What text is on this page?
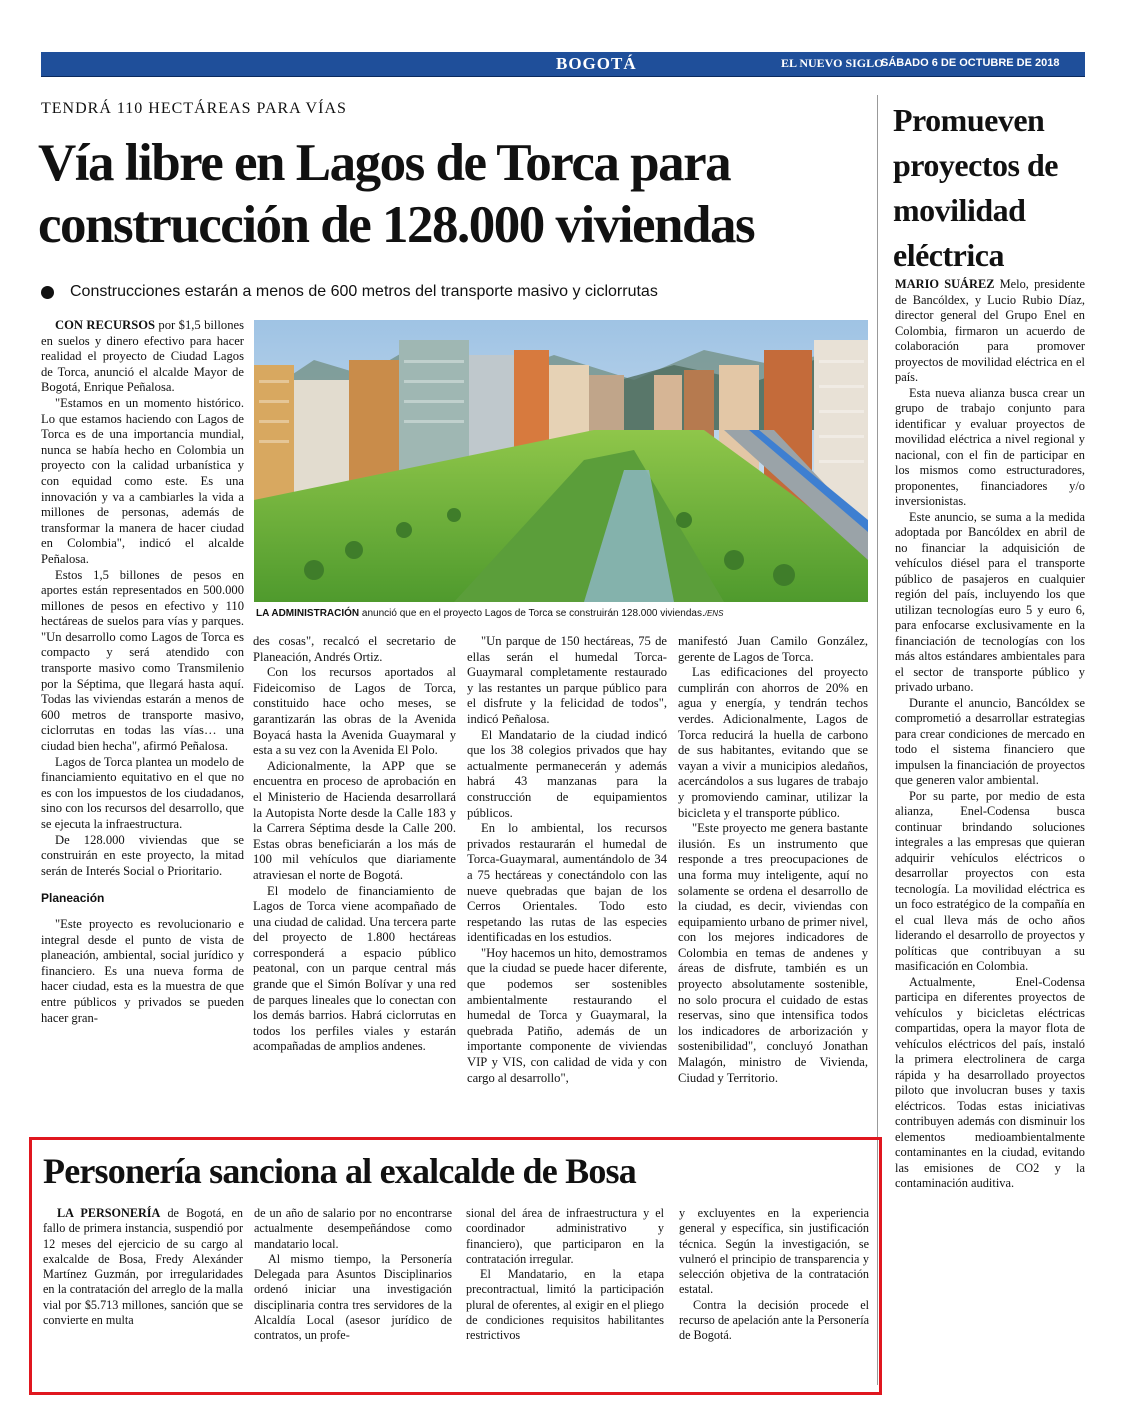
BOGOTÁ	EL NUEVO SIGLO
SÁBADO 6 DE OCTUBRE DE 2018 17A
TENDRÁ 110 HECTÁREAS PARA VÍAS
Vía libre en Lagos de Torca para construcción de 128.000 viviendas
Construcciones estarán a menos de 600 metros del transporte masivo y ciclorrutas
LA ADMINISTRACIÓN anunció que en el proyecto Lagos de Torca se construirán 128.000 viviendas./ENS

CON RECURSOS por $1,5 billones en suelos y dinero efectivo para hacer realidad el proyecto de Ciudad Lagos de Torca, anunció el alcalde Mayor de Bogotá, Enrique Peñalosa.

"Estamos en un momento histórico. Lo que estamos haciendo con Lagos de Torca es de una importancia mundial, nunca se había hecho en Colombia un proyecto con la calidad urbanística y con equidad como este. Es una innovación y va a cambiarles la vida a millones de personas, además de transformar la manera de hacer ciudad en Colombia", indicó el alcalde Peñalosa.

Estos 1,5 billones de pesos en aportes están representados en 500.000 millones de pesos en efectivo y 110 hectáreas de suelos para vías y parques. "Un desarrollo como Lagos de Torca es compacto y será atendido con transporte masivo como Transmilenio por la Séptima, que llegará hasta aquí. Todas las viviendas estarán a menos de 600 metros de transporte masivo, ciclorrutas en todas las vías… una ciudad bien hecha", afirmó Peñalosa.

Lagos de Torca plantea un modelo de financiamiento equitativo en el que no es con los impuestos de los ciudadanos, sino con los recursos del desarrollo, que se ejecuta la infraestructura.

De 128.000 viviendas que se construirán en este proyecto, la mitad serán de Interés Social o Prioritario.

Planeación

"Este proyecto es revolucionario e integral desde el punto de vista de planeación, ambiental, social jurídico y financiero. Es una nueva forma de hacer ciudad, esta es la muestra de que entre públicos y privados se pueden hacer gran-

des cosas", recalcó el secretario de Planeación, Andrés Ortiz.

Con los recursos aportados al Fideicomiso de Lagos de Torca, constituido hace ocho meses, se garantizarán las obras de la Avenida Boyacá hasta la Avenida Guaymaral y esta a su vez con la Avenida El Polo.

Adicionalmente, la APP que se encuentra en proceso de aprobación en el Ministerio de Hacienda desarrollará la Autopista Norte desde la Calle 183 y la Carrera Séptima desde la Calle 200. Estas obras beneficiarán a los más de 100 mil vehículos que diariamente atraviesan el norte de Bogotá.

El modelo de financiamiento de Lagos de Torca viene acompañado de una ciudad de calidad. Una tercera parte del proyecto de 1.800 hectáreas corresponderá a espacio público peatonal, con un parque central más grande que el Simón Bolívar y una red de parques lineales que lo conectan con los demás barrios. Habrá ciclorrutas en todos los perfiles viales y estarán acompañadas de amplios andenes.

"Un parque de 150 hectáreas, 75 de ellas serán el humedal Torca-Guaymaral completamente restaurado y las restantes un parque público para el disfrute y la felicidad de todos", indicó Peñalosa.

El Mandatario de la ciudad indicó que los 38 colegios privados que hay actualmente permanecerán y además habrá 43 manzanas para la construcción de equipamientos públicos.

En lo ambiental, los recursos privados restaurarán el humedal de Torca-Guaymaral, aumentándolo de 34 a 75 hectáreas y conectándolo con las nueve quebradas que bajan de los Cerros Orientales. Todo esto respetando las rutas de las especies identificadas en los estudios.

"Hoy hacemos un hito, demostramos que la ciudad se puede hacer diferente, que podemos ser sostenibles ambientalmente restaurando el humedal de Torca y Guaymaral, la quebrada Patiño, además de un importante componente de viviendas VIP y VIS, con calidad de vida y con cargo al desarrollo",

manifestó Juan Camilo González, gerente de Lagos de Torca.

Las edificaciones del proyecto cumplirán con ahorros de 20% en agua y energía, y tendrán techos verdes. Adicionalmente, Lagos de Torca reducirá la huella de carbono de sus habitantes, evitando que se vayan a vivir a municipios aledaños, acercándolos a sus lugares de trabajo y promoviendo caminar, utilizar la bicicleta y el transporte público.

"Este proyecto me genera bastante ilusión. Es un instrumento que responde a tres preocupaciones de una forma muy inteligente, aquí no solamente se ordena el desarrollo de la ciudad, es decir, viviendas con equipamiento urbano de primer nivel, con los mejores indicadores de Colombia en temas de andenes y áreas de disfrute, también es un proyecto absolutamente sostenible, no solo procura el cuidado de estas reservas, sino que intensifica todos los indicadores de arborización y sostenibilidad", concluyó Jonathan Malagón, ministro de Vivienda, Ciudad y Territorio.

Promueven proyectos de movilidad eléctrica

MARIO SUÁREZ Melo, presidente de Bancóldex, y Lucio Rubio Díaz, director general del Grupo Enel en Colombia, firmaron un acuerdo de colaboración para promover proyectos de movilidad eléctrica en el país.

Esta nueva alianza busca crear un grupo de trabajo conjunto para identificar y evaluar proyectos de movilidad eléctrica a nivel regional y nacional, con el fin de participar en los mismos como estructuradores, proponentes, financiadores y/o inversionistas.

Este anuncio, se suma a la medida adoptada por Bancóldex en abril de no financiar la adquisición de vehículos diésel para el transporte público de pasajeros en cualquier región del país, incluyendo los que utilizan tecnologías euro 5 y euro 6, para enfocarse exclusivamente en la financiación de tecnologías con los más altos estándares ambientales para el sector de transporte público y privado urbano.

Durante el anuncio, Bancóldex se comprometió a desarrollar estrategias para crear condiciones de mercado en todo el sistema financiero que impulsen la financiación de proyectos que generen valor ambiental.

Por su parte, por medio de esta alianza, Enel-Codensa busca continuar brindando soluciones integrales a las empresas que quieran adquirir vehículos eléctricos o desarrollar proyectos con esta tecnología. La movilidad eléctrica es un foco estratégico de la compañía en el cual lleva más de ocho años liderando el desarrollo de proyectos y políticas que contribuyan a su masificación en Colombia.

Actualmente, Enel-Codensa participa en diferentes proyectos de vehículos y bicicletas eléctricas compartidas, opera la mayor flota de vehículos eléctricos del país, instaló la primera electrolinera de carga rápida y ha desarrollado proyectos piloto que involucran buses y taxis eléctricos. Todas estas iniciativas contribuyen además con disminuir los elementos medioambientalmente contaminantes en la ciudad, evitando las emisiones de CO2 y la contaminación auditiva.

Personería sanciona al exalcalde de Bosa

LA PERSONERÍA de Bogotá, en fallo de primera instancia, suspendió por 12 meses del ejercicio de su cargo al exalcalde de Bosa, Fredy Alexánder Martínez Guzmán, por irregularidades en la contratación del arreglo de la malla vial por $5.713 millones, sanción que se convierte en multa

de un año de salario por no encontrarse actualmente desempeñándose como mandatario local.

Al mismo tiempo, la Personería Delegada para Asuntos Disciplinarios ordenó iniciar una investigación disciplinaria contra tres servidores de la Alcaldía Local (asesor jurídico de contratos, un profe-

sional del área de infraestructura y el coordinador administrativo y financiero), que participaron en la contratación irregular.

El Mandatario, en la etapa precontractual, limitó la participación plural de oferentes, al exigir en el pliego de condiciones requisitos habilitantes restrictivos

y excluyentes en la experiencia general y específica, sin justificación técnica. Según la investigación, se vulneró el principio de transparencia y selección objetiva de la contratación estatal.

Contra la decisión procede el recurso de apelación ante la Personería de Bogotá.
